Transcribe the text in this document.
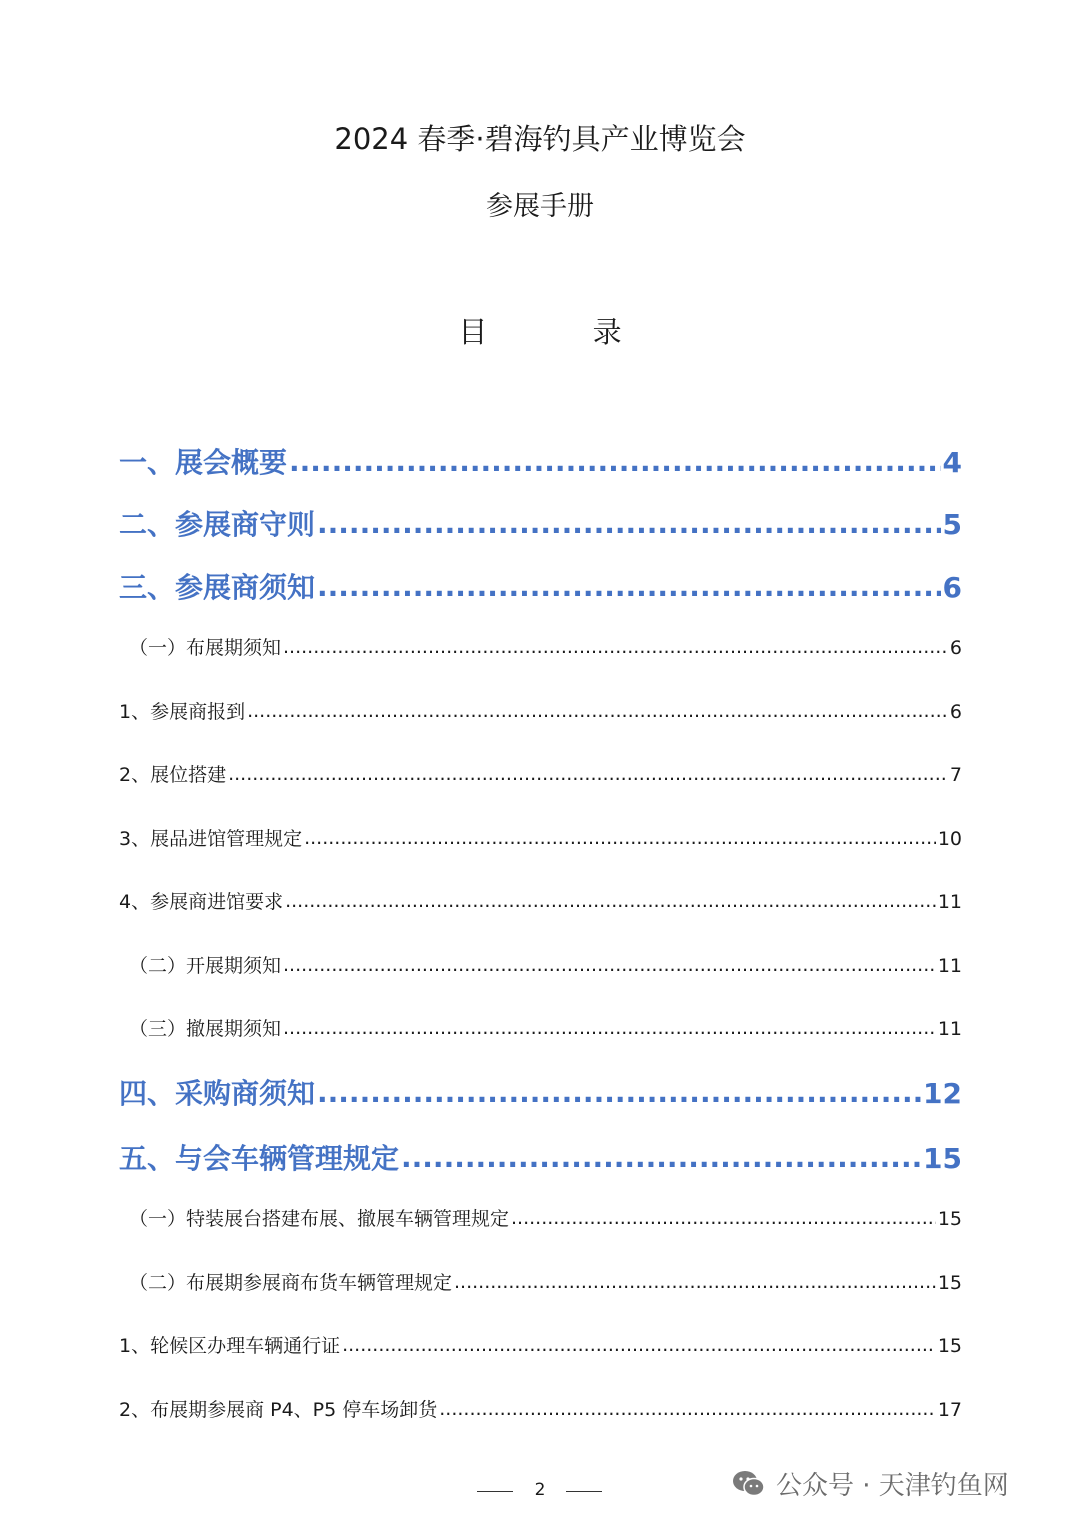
2024 春季·碧海钓具产业博览会
参展手册
目 录
一、展会概要 .....	4
二、参展商守则 .....	5
三、参展商须知 .....	6
（一）布展期须知 .....	6
1、参展商报到 .....	6
2、展位搭建 .....	7
3、展品进馆管理规定 .....	10
4、参展商进馆要求 .....	11
（二）开展期须知 .....	11
（三）撤展期须知 .....	11
四、采购商须知 .....	12
五、与会车辆管理规定 .....	15
（一）特装展台搭建布展、撤展车辆管理规定 .....	15
（二）布展期参展商布货车辆管理规定 .....	15
1、轮候区办理车辆通行证 .....	15
2、布展期参展商 P4、P5 停车场卸货 .....	17
2	公众号 · 天津钓鱼网
